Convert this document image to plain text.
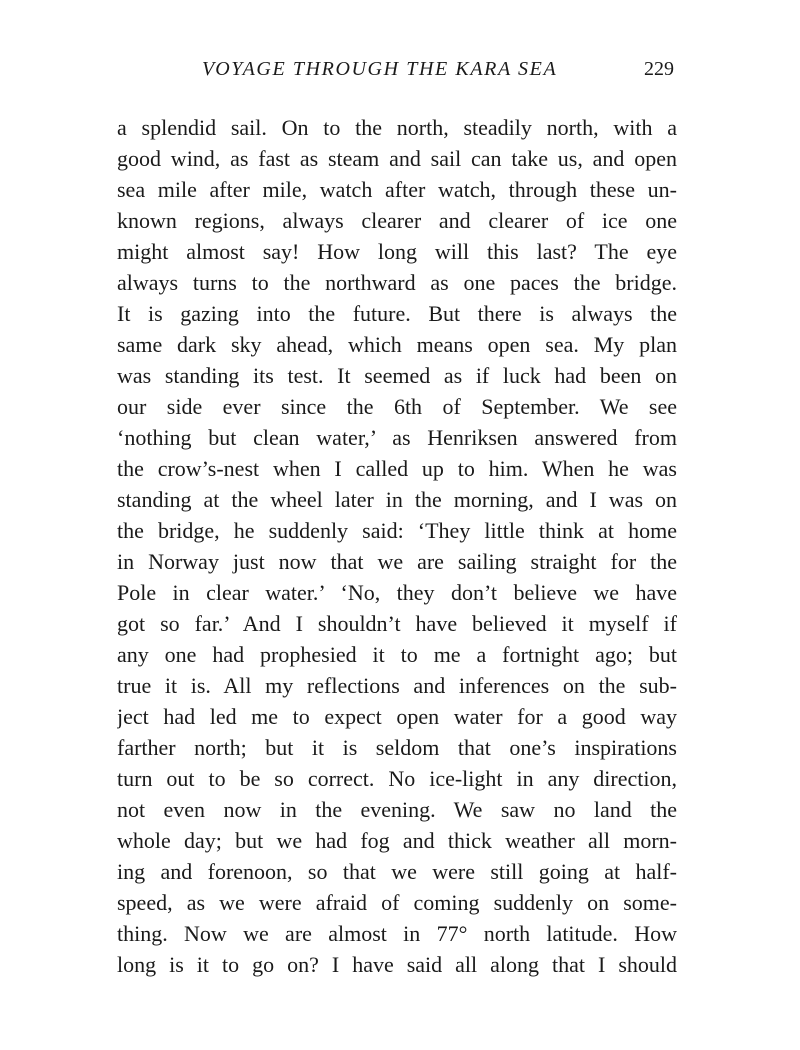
VOYAGE THROUGH THE KARA SEA	229
a splendid sail. On to the north, steadily north, with a
good wind, as fast as steam and sail can take us, and open
sea mile after mile, watch after watch, through these un-
known regions, always clearer and clearer of ice one
might almost say! How long will this last? The eye
always turns to the northward as one paces the bridge.
It is gazing into the future. But there is always the
same dark sky ahead, which means open sea. My plan
was standing its test. It seemed as if luck had been on
our side ever since the 6th of September. We see
‘nothing but clean water,’ as Henriksen answered from
the crow’s-nest when I called up to him. When he was
standing at the wheel later in the morning, and I was on
the bridge, he suddenly said: ‘They little think at home
in Norway just now that we are sailing straight for the
Pole in clear water.’ ‘No, they don’t believe we have
got so far.’ And I shouldn’t have believed it myself if
any one had prophesied it to me a fortnight ago; but
true it is. All my reflections and inferences on the sub-
ject had led me to expect open water for a good way
farther north; but it is seldom that one’s inspirations
turn out to be so correct. No ice-light in any direction,
not even now in the evening. We saw no land the
whole day; but we had fog and thick weather all morn-
ing and forenoon, so that we were still going at half-
speed, as we were afraid of coming suddenly on some-
thing. Now we are almost in 77° north latitude. How
long is it to go on? I have said all along that I should
